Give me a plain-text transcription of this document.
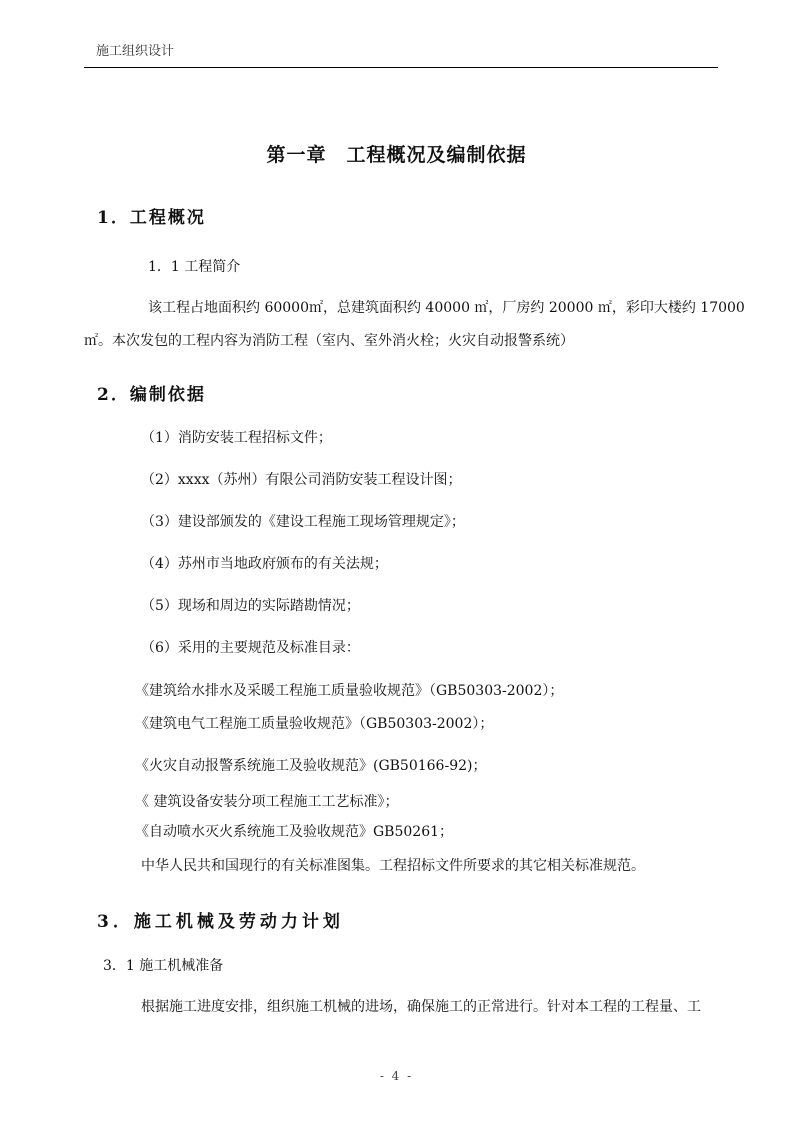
施工组织设计
第一章　工程概况及编制依据
1．工程概况
1．1 工程简介
该工程占地面积约 60000㎡，总建筑面积约 40000 ㎡，厂房约 20000 ㎡，彩印大楼约 17000
㎡。本次发包的工程内容为消防工程（室内、室外消火栓；火灾自动报警系统）
2．编制依据
（1）消防安装工程招标文件；
（2）xxxx（苏州）有限公司消防安装工程设计图；
（3）建设部颁发的《建设工程施工现场管理规定》；
（4）苏州市当地政府颁布的有关法规；
（5）现场和周边的实际踏勘情况；
（6）采用的主要规范及标准目录：
《建筑给水排水及采暖工程施工质量验收规范》（GB50303-2002）；
《建筑电气工程施工质量验收规范》（GB50303-2002）；
《火灾自动报警系统施工及验收规范》(GB50166-92)；
《 建筑设备安装分项工程施工工艺标准》；
《自动喷水灭火系统施工及验收规范》GB50261；
中华人民共和国现行的有关标准图集。工程招标文件所要求的其它相关标准规范。
3．施工机械及劳动力计划
3．1 施工机械准备
根据施工进度安排，组织施工机械的进场，确保施工的正常进行。针对本工程的工程量、工
- 4 -
